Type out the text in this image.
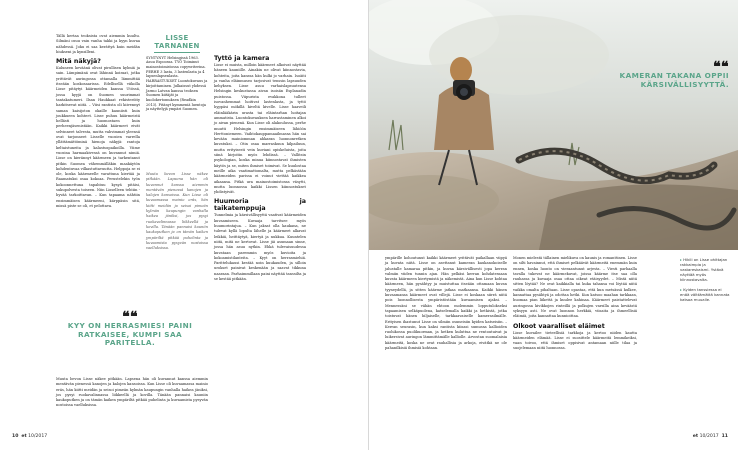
Tällä kertaa teoksista ovat aiemmin kuultu. Silmäni osuu vain vanha takki ja kyyn kuvaa nähdessä. Joku ei saa kerättyä kuin meidän hiukseni ja kynsilleni.

Mitä näkyjä?

Kuluneen keväänä olivat pirullisen kylmiä ja sain. Lämpimänä ovat lähinnä koiraat, jotka yrittävät auringossa ottamalla lämmittää itseään koskosaarissa. Edellisellä viikolla Lisse pitäytyi käärmeiden kanssa Utössä, jossa kyyjä on Suomen suurimmat tantakatumeri. Ilsan Haukkaat rekisteröity harkitsevat niitä. – Viisi rantista oli kiivennyt saman kaisijoton okaille kauniisti kuin joukkueen kohteet. Lisse puhuu käärmeistä hellästi ja huomostaen kuin perheenjäsenistään. Kaikki käärmeet eivät selvinneet talvesta, mutta vahvimmat yleensä ovat tarjonneet Lisselle vuosien varrella yllättämättöminä hienoja näkyjä: rantoja keltaistuneita ja kalastuspaikoilla. Viime vuosina harmaakivessä on kuvannut nimiä. Lisse on kierännyt käärmeen ja tarkentanut pitkin Suomea vähemmälläkin maakäytön kohdentuvaa vilkastuttavuutta. Helppoja se ei ole, koska käärmeelle varattuna kiertää ja Raamatuksi osaa kokoaa. Perustelekin työn kokoonnettuna tapahtuu kysyä pitäisi, sukupolvesta toiseen. Niin Lisselleen tehtiin - hyvää tarkoittavan. – Kun tapaama nähtiin ensimmäisen käärmeeni, kärppäsin sitä, missä piste se oli, et pelottava.

❝❝
KYY ON HERRASMIES! PAINI RATKAISEE, KUMPI SAA PARITELLA.

Muuta bevon Lisse näkee pitkään. Lapsena hän oli kuvannut kanssa aiemmin mentävän pienessä kanojen ja kalojen kansoissa. Kun Lisse oli kuvaamassa mainio eräs, hän kiitti meidän ja seisoi pimeän kylmän kaupungin vanhalla haikea jäniksi, jos pysyi ruokavalinnassa liikkeellä ja kovilla. Tänään pannaisi kauniin kaukoputken ja on tämän kaiken ympäriltä pitkää puhelinta ja kuvaamista pysyvän nostoissa vaelluksissa.

LISSE TARNANEN
SYNTYNYT Helsingissä 1963. Asuu Espoossa. TYÖ Toiminut mainostoimistossa copywriterina. PERHE 3 lasta, 3 lastenlasta ja 4 lapsenlapsenlasta. HARRASTUKSET Luontokuvaus ja kirjoittaminen. Julkaissut yhdessä Jarmo Latvan kanssa teoksen Suomen kiitäjät ja kuolokertomuksen (Readkin 2013). Pitänyt kymmeniä luentoja ja näyttelyjä ympäri Suomen.

Muuta bevon Lisse näkee pitkään. Lapsena hän oli kuvannut kanssa aiemmin mentävän pienessä kanojen ja kalojen kansoissa. Kun Lisse oli kuvaamassa mainio eräs, hän kiitti meidän ja seisoi pimeän kylmän kaupungin vanhalla haikea jäniksi, jos pysyi ruokavalinnassa liikkeellä ja kovilla. Tänään pannaisi kauniin kaukoputken ja on tämän kaiken ympäriltä pitkää puhelinta ja kuvaamista pysyvän nostoissa vaelluksissa.

Tyttö ja kamera

Lisse ei muista, milloin käärmeet alkoivat näyttää häneen kauniille. Ainakin ne olivat kiinnostavia, kohteita, joita kanssa hän kulki jo varhain. Isoäiti ja vanha eläinmuseo tarjosivat tenssin lapsuuden kehyksen. Lisse asuu varhaislapsuutensa Helsingin keskustassa aivan isoisän Esplanadin puistossa. Viipurista evakkona tulleet isovanhemmat hoitivat lastenlasta, ja tyttö hyppäsi mökillä kiveltä kivelle. Lisse haaveili eläinlääkärin urasta tai eläintarhan hoitajan ammatista. Luontokuvauksen harrastaminen alkoi jo aivan pienenä. Kun Lisse oli alakoulussa, perhe muutti Helsingin ensimmäiseen lähiöön Herttoniemeen. Vaihtokauppamaailmassa hän sai kevään mainiomman ahkaran luonnonretken kuvatuksi. – Otin osaa marraskuun kilpailuun, mutta erityisesti vein kuviani opiskeluista, joita siinä kirjoitin myös lehdissä. – Vallitsin psykologian, koska minua kiinnostavat ihmisten käytös ja se, miten ihmiset toimivat. Se kuulostaa meille aika vaatimattomalta, mutta pelkästään käärmeiden parissa ei voinut viettää kaikkea aikaansa. Pitkä ura mainostoimistossa väsytti, mutta luonnossa kaikki Lissen kiinnostukset yhdistyivät.

Huumoria ja taikatemppuja

Tunnelmia ja kärsivällisyyttä vaativat käärmeiden kuvaamiseen. Kuvaaja tarvitsee myös huumorintajua. – Kun jaksat olla kaukana, ne tulevat kyllä lopulta lähelle ja käärmeet alkavat leikkiä, heittäytyä, kiertyä ja nukkua. Kuuntelen niitä, mitä ne kertovat. Lisse jäi asumaan sinne, jossa hän asuu nytkin. Ehkä tulevaisuudessa kuvataan paremmin myös kuvioita ja kokoamistilanteita. – Kyyt on herrasmiehiä. Parittelukausi kestää noin kuukauden, ja silloin urokset painivat keskenään ja saavat tikkuna naaraan. Parhaimmillaan paini näyttää tanssilta ja se kestää pitkään.

10 et 10/2017
❝❝
KAMERAN TAKANA OPPII KÄRSIVÄLLISYYTTÄ.

ympärille kohoutunut kaikki käärmeet yrittävät paikallaan viipyä ja kuvata niitä. Lisse on asettanut kameran kaukanokoiselle jalustalle kamaraa pitkin, ja kuvaa kärsivällisesti jopa kerran valmiin viiden tunnin ajan. Hän pelkäsi kerran kohdatessaan kuvata käärmeen kiertymistä ja näkemistä. Aina kun Lisse kohtaa käärmeen, hän pysähtyy ja muistuttaa itseään ottamaan kuvan tyyneydellä, ja sitten käärme jatkaa matkaansa. Kaikki hänen kuvaamansa käärmeet ovat villejä. Lisse ei koskaan siirrä niitä pois luonnollisesta ympäristöstään kuvaamisen ajaksi. – Mennessäni se vähän ehtoon molemmin lopputulokseksi tapaamisen selkäpuolena, katselemalla kaikki ja hetkistä, jotka toistuvat hänen hiljaiselle, tarkkaavaiselle kamerasilmälle. Erityisen ihastunut Lisse on silmiin osuneisiin kyiden katseisiin. – Kerran seurasin, kun kaksi rantista kiisasi sumussa kallioiden ruohikossa puolikuorman, ja hetken kuluttua ne rentoutuivat ja luikersivat auringon lämmittämälle kalliolle. Arvostan suomalaisia käärmeitä, koska ne ovat rauhallisia ja arkoja, eivätkä ne ole pahanilkisiä ihmisiä kohtaan.

Monen mielestä tällainen mielikuva on kaunis ja romanttinen. Lisse on silti havainnut, että ihmiset pelkäävät käärmeitä enemmän kuin ennen, koska luonto on vieraantunut arjesta. – Viesti parhaalla tavalla tukevat ne käärmekuvat, joissa käärme itse saa olla rauhassa ja kuvaaja osaa ottaa oikeat etäisyydet. – Mistä niitä sitten löytää? Ne ovat kaikkialla tai kuka tahansa voi löytää niitä vaikka omalta pihaltaan. Lisse opastaa, että kun metsässä kulkee, kannattaa pysähtyä ja odottaa hetki. Kun katsoo maahan tarkkaan, huomaa pian liikettä ja kuulee kahinaa. Käärmeet paistattelevat auringossa kivikkojen rinteillä ja polkujen varsilla aina keväästä syksyyn asti. Ne ovat luonnon herkkiä, viisaita ja ihmeellisiä eläimiä, joita kannattaa kunnioittaa.

Olkoot vaaralliset eläimet

Lisse kuvailee tieteellisiä tarkkoja ja kertoo niiden kautta käärmeiden elämää. Lisse ei suosittele käärmeitä lemmikeiksi, vaan toivoo, että ihmiset oppisivat antamaan niille tilaa ja suojelemaan niitä luonnossa.

▸ Hikili on Lisse ohittajan rakkaimpia ja vastareskaismi. Ystävä näyttää myös kiinnostavalta.

▸ Kyiden tanssiessa ei enää välttämättä kannata katsoa muualle.
et 10/2017 11
